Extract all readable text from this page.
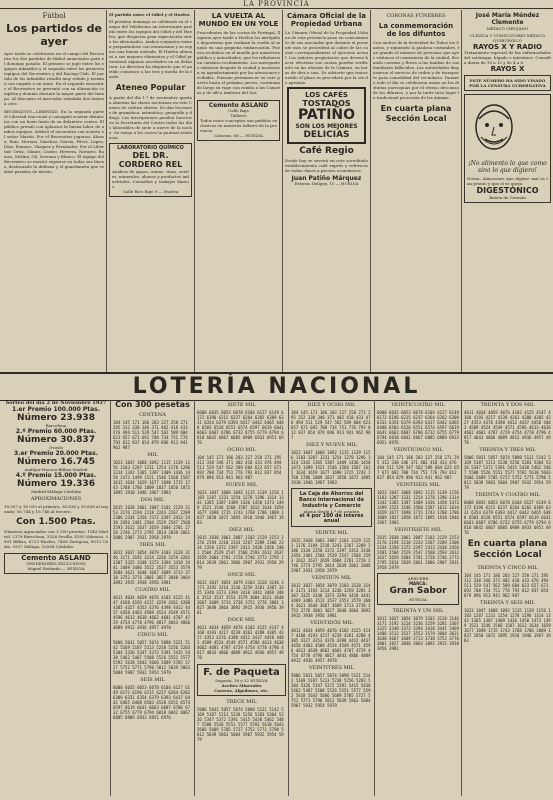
LA PROVINCIA
Fútbol
Los partidos de ayer
Ayer tarde se celebraron en el campo del Recreativo los dos partidos de fútbol anunciados para el domingo pasado. El primero se jugó entre los equipos infantiles y el segundo entre los primeros equipos del Recreativo y del Racing Club. El partido de los infantiles resultó muy reñido y terminó con empate a un tanto. En el segundo encuentro el Recreativo se presentó con su alineación completa y dominó durante la mayor parte del tiempo. Al descanso el marcador señalaba dos tantos a cero.
RECREATIVO—LIBERTAD. En la segunda parte el Libertad reaccionó y consiguió acortar distancias con un buen tanto de su delantero centro. El público premió con aplausos la buena labor de ambos equipos. Arbitró el encuentro con acierto el señor Martín. Por el Recreativo jugaron: Alonso, Ruiz, Moreno, Sánchez, García, Pérez, López, Díaz, Romero, Vázquez y Fernández. Por el Libertad: Ortiz, Gómez, Castro, Herrera, Navarro, Ramos, Molina, Gil, Serrano y Blanco. El equipo del Recreativo se mostró superior en todas sus líneas, destacando la defensa y el guardameta que realizó paradas de mérito.
El partido entre el Odiel y el Huelva
El próximo domingo se celebrará en el campo del Velódromo un interesante partido entre los equipos del Odiel y del Huelva, que despierta gran expectación entre los aficionados. Ambos conjuntos vienen preparándose con entusiasmo y se espera una buena entrada. El Huelva alineará a sus mejores elementos y el Odiel presentará algunas novedades en su delantera. La directiva ha dispuesto que el partido comience a las tres y media de la tarde.
Ateneo Popular
A partir del día 1.º de noviembre quedan abiertas las clases nocturnas en este Centro de cultura obrera. Se dan lecciones de gramática, aritmética, geografía y dibujo. Las inscripciones pueden hacerse en la Secretaría del Centro todos los días laborables de siete a nueve de la noche. Se ruega a los socios la puntual asistencia.
LABORATORIO QUÍMICO
DEL DR. CORDERO REL
Análisis de aguas, orinas, vinos, aceites, minerales, abonos y productos industriales. Consultas y trabajos diarios.
Calle Rico Bajo 9 — Huelva
LA VUELTA AL MUNDO EN UN YOLE
Procedentes de las costas de Portugal, llegaron ayer tarde a Huelva los intrépidos deportistas que realizan la vuelta al mundo en una pequeña embarcación. Fueron recibidos en el muelle por numeroso público y autoridades, que les tributaron un cariñoso recibimiento. Los navegantes visitaron después la ciudad y mostraron su agradecimiento por las atenciones recibidas. Piensan permanecer en este puerto hasta el próximo jueves, continuando luego su viaje con rumbo a las Canarias y de allí a América del Sur.
Cemento ASLAND
Calle Baja
Talleres
Todos estos conceptos son pedidos exclusivos en nuestros talleres de la provincia.
Cánovas, 86 — HUELVA
Cámara Oficial de la Propiedad Urbana
La Cámara Oficial de la Propiedad Urbana de esta provincia pone en conocimiento de sus asociados que durante el presente mes se procederá al cobro de las cuotas correspondientes al ejercicio actual. Los señores propietarios que deseen hacer efectivas sus cuotas pueden verificarlo en las oficinas de la Cámara, en horas de diez a una. Se advierte que transcurrido el plazo se procederá por la vía de apremio.
LOS CAFÉS
TOSTADOS
PATIÑO
SON LOS MEJORES
DELICIAS
Café Regio
Desde hoy se servirá en este acreditado establecimiento café exprés y refrescos de todas clases a precios económicos.
Juan Patiño Márquez
Ernesto Deligny, 11 — HUELVA
CORONAS FÚNEBRES
La conmemoración de los difuntos
Con motivo de la festividad de Todos los Santos, y siguiendo la piadosa costumbre, fue grande el número de personas que ayer visitaron el cementerio de la ciudad, llevando coronas y flores a las tumbas de sus familiares fallecidos. Las autoridades dispusieron el servicio de orden y de transporte para comodidad del vecindario. Durante todo el día se celebraron misas en las distintas parroquias por el eterno descanso de los difuntos, y por la tarde tuvo lugar la tradicional procesión de las ánimas.
En cuarta plana Sección Local
José María Méndez Clemente
MÉDICO CIRUJANO
CLÍNICA Y CONSULTORIO MÉDICO QUIRÚRGICO
RAYOS X Y RADIO
Tratamiento especial de las enfermedades del estómago, hígado e intestinos. Consulta diaria de 10 a 12 y de 4 a 6.
RAYOS X
ESTE NÚMERO HA SIDO VISADO POR LA CENSURA GUBERNATIVA
¡No alimento lo que como sino lo que digiero!
Noten: Almacenes que digiere mal es tan pronto y que el se queja
DIGESTÓNICO
Bañón de Germán
LOTERÍA NACIONAL
Sorteo del día 2 de Noviembre 1927
1.er Premio 100.000 Ptas.
Número 23.938
Barcelona
2.º Premio 60.000 Ptas.
Número 30.837
Oviedo
3.er Premio 20.000 Ptas.
Número 16.745
Andújar-Huesca-Bilbao-Madrid
4.º Premio 15.000 Ptas.
Número 19.336
Madrid-Málaga-Córdoba
APROXIMACIONES
18.937 y 18.939 al primero; 30.836 y 30.838 al segundo; 16.744 y 16.746 al tercero.
Con 1.500 Ptas.
Números agraciados con 1.500 pesetas: 1043 Madrid, 2178 Barcelona, 3326 Sevilla, 4105 Valencia, 5891 Bilbao, 6723 Huelva, 7408 Zaragoza, 8512 Cádiz, 9337 Málaga, 10264 Córdoba.
Cemento ASLAND
VENDEDORES EXCLUSIVOS
Miguel Redondo — HUELVA
Con 300 pesetas
CENTENA
104 145 171 186 203 227 258 271 295 312 338 346 371 402 418 433 476 494 511 529 547 562 589 604 623 657 671 692 708 734 751 776 793 812 837 854 879 896 913 941 962 987
MIL
1023 1047 1068 1092 1115 1139 1156 1183 1207 1231 1254 1278 1296 1314 1342 1365 1387 1409 1436 1458 1473 1499 1521 1546 1568 1587 1612 1634 1659 1677 1698 1715 1743 1768 1786 1809 1837 1858 1872 1895 1918 1946 1967 1983
DOS MIL
2015 2038 2061 2087 2102 2129 2153 2176 2194 2218 2243 2267 2289 2306 2334 2358 2372 2397 2413 2438 2456 2481 2504 2529 2547 2568 2593 2612 2637 2659 2684 2701 2728 2746 2773 2795 2814 2839 2861 2886 2907 2931 2958 2979
TRES MIL
3012 3037 3054 3079 3103 3128 3146 3171 3192 3214 3236 3259 3281 3307 3325 3348 3373 3394 3418 3441 3469 3486 3512 3537 3553 3579 3604 3621 3648 3667 3689 3713 3738 3752 3776 3801 3827 3848 3864 3892 3915 3938 3956 3981
CUATRO MIL
4011 4034 4059 4076 4102 4125 4147 4168 4193 4217 4239 4261 4288 4305 4327 4353 4376 4398 4412 4437 4458 4483 4509 4524 4549 4571 4596 4613 4638 4662 4681 4707 4729 4754 4778 4796 4817 4843 4866 4889 4912 4936 4957 4978
CINCO MIL
5006 5031 5057 5074 5098 5121 5142 5169 5187 5213 5238 5256 5283 5304 5326 5347 5372 5391 5415 5438 5462 5487 5508 5526 5551 5577 5592 5618 5643 5666 5689 5705 5727 5752 5771 5798 5812 5839 5863 5884 5907 5932 5954 5979
SEIS MIL
6008 6035 6053 6078 6104 6127 6149 6172 6196 6215 6237 6264 6282 6309 6331 6354 6379 6393 6417 6442 6465 6488 6503 6528 6551 6574 6597 6619 6641 6663 6687 6706 6732 6755 6779 6794 6818 6842 6867 6885 6909 6933 6951 6976
SIETE MIL
6008 6035 6053 6078 6104 6127 6149 6172 6196 6215 6237 6264 6282 6309 6331 6354 6379 6393 6417 6442 6465 6488 6503 6528 6551 6574 6597 6619 6641 6663 6687 6706 6732 6755 6779 6794 6818 6842 6867 6885 6909 6933 6951 6976
OCHO MIL
104 145 171 186 203 227 258 271 295 312 338 346 371 402 418 433 476 494 511 529 547 562 589 604 623 657 671 692 708 734 751 776 793 812 837 854 879 896 913 941 962 987
NUEVE MIL
1023 1047 1068 1092 1115 1139 1156 1183 1207 1231 1254 1278 1296 1314 1342 1365 1387 1409 1436 1458 1473 1499 1521 1546 1568 1587 1612 1634 1659 1677 1698 1715 1743 1768 1786 1809 1837 1858 1872 1895 1918 1946 1967 1983
DIEZ MIL
2015 2038 2061 2087 2102 2129 2153 2176 2194 2218 2243 2267 2289 2306 2334 2358 2372 2397 2413 2438 2456 2481 2504 2529 2547 2568 2593 2612 2637 2659 2684 2701 2728 2746 2773 2795 2814 2839 2861 2886 2907 2931 2958 2979
ONCE MIL
3012 3037 3054 3079 3103 3128 3146 3171 3192 3214 3236 3259 3281 3307 3325 3348 3373 3394 3418 3441 3469 3486 3512 3537 3553 3579 3604 3621 3648 3667 3689 3713 3738 3752 3776 3801 3827 3848 3864 3892 3915 3938 3956 3981
DOCE MIL
4011 4034 4059 4076 4102 4125 4147 4168 4193 4217 4239 4261 4288 4305 4327 4353 4376 4398 4412 4437 4458 4483 4509 4524 4549 4571 4596 4613 4638 4662 4681 4707 4729 4754 4778 4796 4817 4843 4866 4889 4912 4936 4957 4978
F. de Paqueta
Sagasta, 38 y 32 HUELVA
Aceites Minerales
Correas, Algodones, etc.
TRECE MIL
5006 5031 5057 5074 5098 5121 5142 5169 5187 5213 5238 5256 5283 5304 5326 5347 5372 5391 5415 5438 5462 5487 5508 5526 5551 5577 5592 5618 5643 5666 5689 5705 5727 5752 5771 5798 5812 5839 5863 5884 5907 5932 5954 5979
DIEZ Y OCHO MIL
104 145 171 186 203 227 258 271 295 312 338 346 371 402 418 433 476 494 511 529 547 562 589 604 623 657 671 692 708 734 751 776 793 812 837 854 879 896 913 941 962 987
DIEZ Y NUEVE MIL
1023 1047 1068 1092 1115 1139 1156 1183 1207 1231 1254 1278 1296 1314 1342 1365 1387 1409 1436 1458 1473 1499 1521 1546 1568 1587 1612 1634 1659 1677 1698 1715 1743 1768 1786 1809 1837 1858 1872 1895 1918 1946 1967 1983
La Caja de Ahorros del Banco Internacional de Industria y Comercio
abona desde 1.º de octubre
el 4 por 100 de interés anual
VEINTE MIL
2015 2038 2061 2087 2102 2129 2153 2176 2194 2218 2243 2267 2289 2306 2334 2358 2372 2397 2413 2438 2456 2481 2504 2529 2547 2568 2593 2612 2637 2659 2684 2701 2728 2746 2773 2795 2814 2839 2861 2886 2907 2931 2958 2979
VEINTIÚN MIL
3012 3037 3054 3079 3103 3128 3146 3171 3192 3214 3236 3259 3281 3307 3325 3348 3373 3394 3418 3441 3469 3486 3512 3537 3553 3579 3604 3621 3648 3667 3689 3713 3738 3752 3776 3801 3827 3848 3864 3892 3915 3938 3956 3981
VEINTIDÓS MIL
4011 4034 4059 4076 4102 4125 4147 4168 4193 4217 4239 4261 4288 4305 4327 4353 4376 4398 4412 4437 4458 4483 4509 4524 4549 4571 4596 4613 4638 4662 4681 4707 4729 4754 4778 4796 4817 4843 4866 4889 4912 4936 4957 4978
VEINTITRÉS MIL
5006 5031 5057 5074 5098 5121 5142 5169 5187 5213 5238 5256 5283 5304 5326 5347 5372 5391 5415 5438 5462 5487 5508 5526 5551 5577 5592 5618 5643 5666 5689 5705 5727 5752 5771 5798 5812 5839 5863 5884 5907 5932 5954 5979
VEINTICUATRO MIL
6008 6035 6053 6078 6104 6127 6149 6172 6196 6215 6237 6264 6282 6309 6331 6354 6379 6393 6417 6442 6465 6488 6503 6528 6551 6574 6597 6619 6641 6663 6687 6706 6732 6755 6779 6794 6818 6842 6867 6885 6909 6933 6951 6976
VEINTICINCO MIL
104 145 171 186 203 227 258 271 295 312 338 346 371 402 418 433 476 494 511 529 547 562 589 604 623 657 671 692 708 734 751 776 793 812 837 854 879 896 913 941 962 987
VEINTISÉIS MIL
1023 1047 1068 1092 1115 1139 1156 1183 1207 1231 1254 1278 1296 1314 1342 1365 1387 1409 1436 1458 1473 1499 1521 1546 1568 1587 1612 1634 1659 1677 1698 1715 1743 1768 1786 1809 1837 1858 1872 1895 1918 1946 1967 1983
VEINTISIETE MIL
2015 2038 2061 2087 2102 2129 2153 2176 2194 2218 2243 2267 2289 2306 2334 2358 2372 2397 2413 2438 2456 2481 2504 2529 2547 2568 2593 2612 2637 2659 2684 2701 2728 2746 2773 2795 2814 2839 2861 2886 2907 2931 2958 2979
APRUEBE
MARCA:
Gran Sabor
HUELVA
TREINTA Y UN MIL
3012 3037 3054 3079 3103 3128 3146 3171 3192 3214 3236 3259 3281 3307 3325 3348 3373 3394 3418 3441 3469 3486 3512 3537 3553 3579 3604 3621 3648 3667 3689 3713 3738 3752 3776 3801 3827 3848 3864 3892 3915 3938 3956 3981
TREINTA Y DOS MIL
4011 4034 4059 4076 4102 4125 4147 4168 4193 4217 4239 4261 4288 4305 4327 4353 4376 4398 4412 4437 4458 4483 4509 4524 4549 4571 4596 4613 4638 4662 4681 4707 4729 4754 4778 4796 4817 4843 4866 4889 4912 4936 4957 4978
TREINTA Y TRES MIL
5006 5031 5057 5074 5098 5121 5142 5169 5187 5213 5238 5256 5283 5304 5326 5347 5372 5391 5415 5438 5462 5487 5508 5526 5551 5577 5592 5618 5643 5666 5689 5705 5727 5752 5771 5798 5812 5839 5863 5884 5907 5932 5954 5979
TREINTA Y CUATRO MIL
6008 6035 6053 6078 6104 6127 6149 6172 6196 6215 6237 6264 6282 6309 6331 6354 6379 6393 6417 6442 6465 6488 6503 6528 6551 6574 6597 6619 6641 6663 6687 6706 6732 6755 6779 6794 6818 6842 6867 6885 6909 6933 6951 6976
En cuarta plana
Sección Local
TREINTA Y CINCO MIL
104 145 171 186 203 227 258 271 295 312 338 346 371 402 418 433 476 494 511 529 547 562 589 604 623 657 671 692 708 734 751 776 793 812 837 854 879 896 913 941 962 987
TREINTA Y SEIS MIL
1023 1047 1068 1092 1115 1139 1156 1183 1207 1231 1254 1278 1296 1314 1342 1365 1387 1409 1436 1458 1473 1499 1521 1546 1568 1587 1612 1634 1659 1677 1698 1715 1743 1768 1786 1809 1837 1858 1872 1895 1918 1946 1967 1983
